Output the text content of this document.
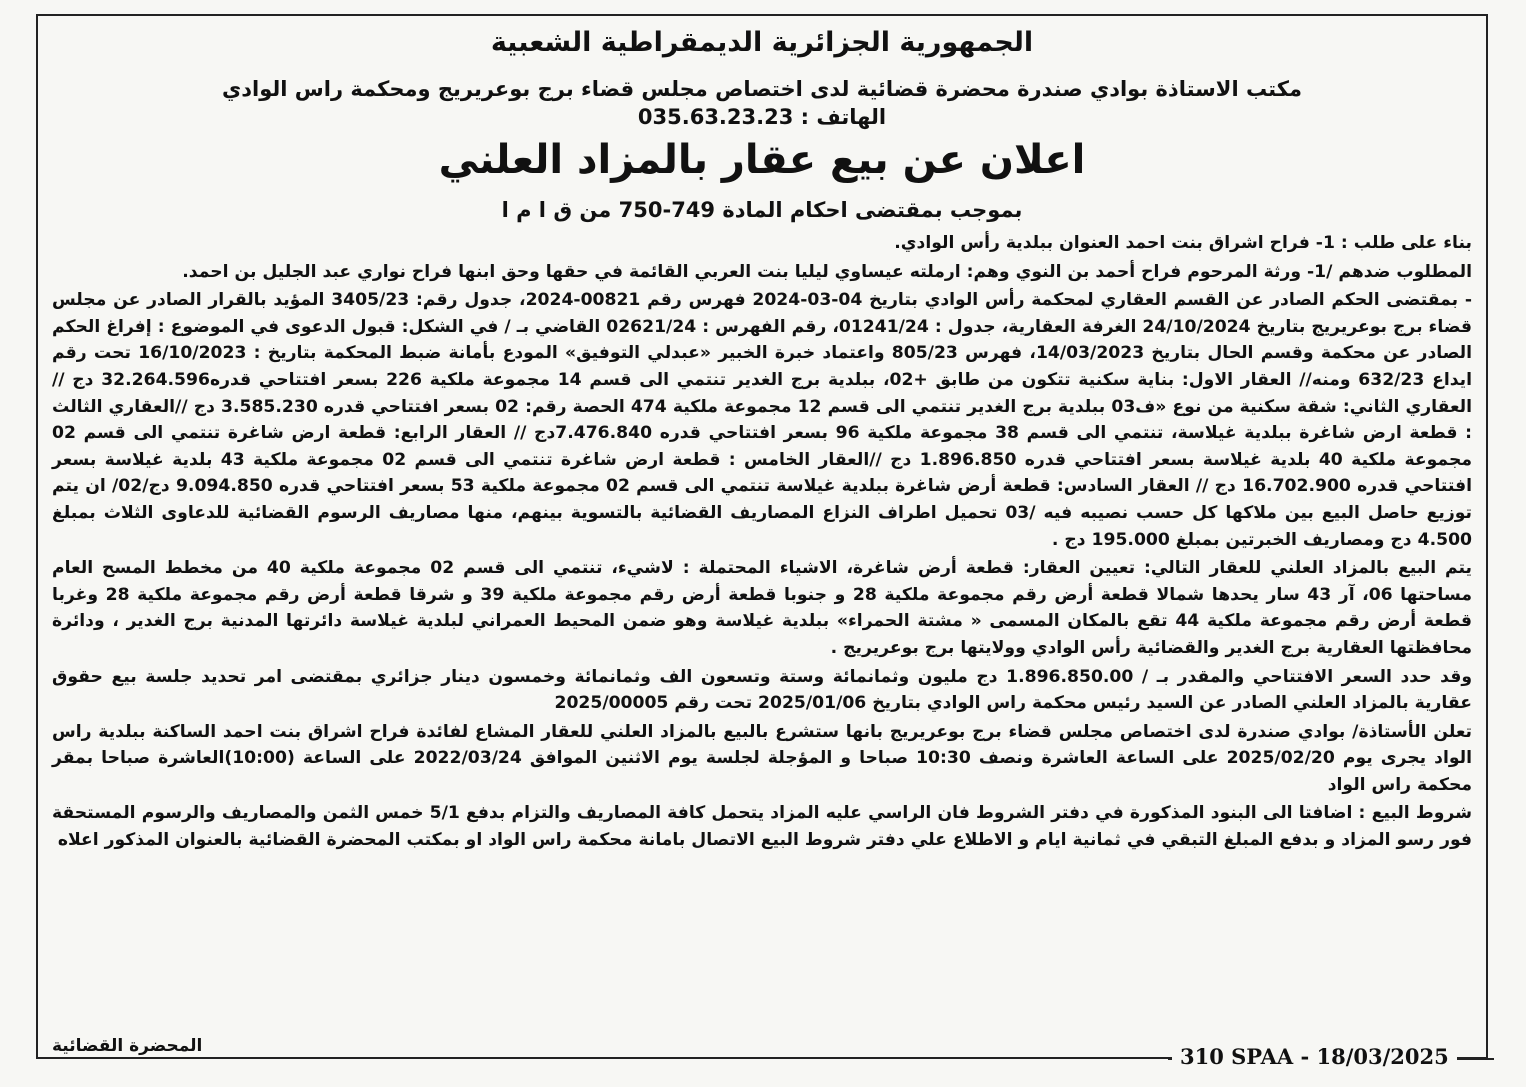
الجمهورية الجزائرية الديمقراطية الشعبية
مكتب الاستاذة بوادي صندرة محضرة قضائية لدى اختصاص مجلس قضاء برج بوعريريج ومحكمة راس الوادي
الهاتف : 035.63.23.23
اعلان عن بيع عقار بالمزاد العلني
بموجب بمقتضى احكام المادة 749-750 من ق ا م ا

بناء على طلب : 1- فراح اشراق بنت احمد العنوان ببلدية رأس الوادي.

المطلوب ضدهم /1- ورثة المرحوم فراح أحمد بن النوي وهم: ارملته عيساوي ليليا بنت العربي القائمة في حقها وحق ابنها فراح نواري عبد الجليل بن احمد.

- بمقتضى الحكم الصادر عن القسم العقاري لمحكمة رأس الوادي بتاريخ 04-03-2024 فهرس رقم 00821-2024، جدول رقم: 3405/23 المؤيد بالقرار الصادر عن مجلس قضاء برج بوعريريج بتاريخ 24/10/2024 الغرفة العقارية، جدول : 01241/24، رقم الفهرس : 02621/24 القاضي بـ / في الشكل: قبول الدعوى في الموضوع : إفراغ الحكم الصادر عن محكمة وقسم الحال بتاريخ 14/03/2023، فهرس 805/23 واعتماد خبرة الخبير «عبدلي التوفيق» المودع بأمانة ضبط المحكمة بتاريخ : 16/10/2023 تحت رقم ايداع 632/23 ومنه// العقار الاول: بناية سكنية تتكون من طابق +02، ببلدية برج الغدير تنتمي الى قسم 14 مجموعة ملكية 226 بسعر افتتاحي قدره32.264.596 دج //العقاري الثاني: شقة سكنية من نوع «ف03 ببلدية برج الغدير تنتمي الى قسم 12 مجموعة ملكية 474 الحصة رقم: 02 بسعر افتتاحي قدره 3.585.230 دج //العقاري الثالث : قطعة ارض شاغرة ببلدية غيلاسة، تنتمي الى قسم 38 مجموعة ملكية 96 بسعر افتتاحي قدره 7.476.840دج // العقار الرابع: قطعة ارض شاغرة تنتمي الى قسم 02 مجموعة ملكية 40 بلدية غيلاسة بسعر افتتاحي قدره 1.896.850 دج //العقار الخامس : قطعة ارض شاغرة تنتمي الى قسم 02 مجموعة ملكية 43 بلدية غيلاسة بسعر افتتاحي قدره 16.702.900 دج // العقار السادس: قطعة أرض شاغرة ببلدية غيلاسة تنتمي الى قسم 02 مجموعة ملكية 53 بسعر افتتاحي قدره 9.094.850 دج/02/ ان يتم توزيع حاصل البيع بين ملاكها كل حسب نصيبه فيه /03 تحميل اطراف النزاع المصاريف القضائية بالتسوية بينهم، منها مصاريف الرسوم القضائية للدعاوى الثلاث بمبلغ 4.500 دج ومصاريف الخبرتين بمبلغ 195.000 دج .

يتم البيع بالمزاد العلني للعقار التالي: تعيين العقار: قطعة أرض شاغرة، الاشياء المحتملة : لاشيء، تنتمي الى قسم 02 مجموعة ملكية 40 من مخطط المسح العام مساحتها 06، آر 43 سار يحدها شمالا قطعة أرض رقم مجموعة ملكية 28 و جنوبا قطعة أرض رقم مجموعة ملكية 39 و شرقا قطعة أرض رقم مجموعة ملكية 28 وغربا قطعة أرض رقم مجموعة ملكية 44 تقع بالمكان المسمى « مشتة الحمراء» ببلدية غيلاسة وهو ضمن المحيط العمراني لبلدية غيلاسة دائرتها المدنية برج الغدير ، ودائرة محافظتها العقارية برج الغدير والقضائية رأس الوادي وولايتها برج بوعريريج .

وقد حدد السعر الافتتاحي والمقدر بـ / 1.896.850.00 دج مليون وثمانمائة وستة وتسعون الف وثمانمائة وخمسون دينار جزائري بمقتضى امر تحديد جلسة بيع حقوق عقارية بالمزاد العلني الصادر عن السيد رئيس محكمة راس الوادي بتاريخ 2025/01/06 تحت رقم 2025/00005

تعلن الأستاذة/ بوادي صندرة لدى اختصاص مجلس قضاء برج بوعريريج بانها ستشرع بالبيع بالمزاد العلني للعقار المشاع لفائدة فراح اشراق بنت احمد الساكنة ببلدية راس الواد يجرى يوم 2025/02/20 على الساعة العاشرة ونصف 10:30 صباحا و المؤجلة لجلسة يوم الاثنين الموافق 2022/03/24 على الساعة (10:00)العاشرة صباحا بمقر محكمة راس الواد

شروط البيع : اضافتا الى البنود المذكورة في دفتر الشروط فان الراسي عليه المزاد يتحمل كافة المصاريف والتزام بدفع 5/1 خمس الثمن والمصاريف والرسوم المستحقة فور رسو المزاد و بدفع المبلغ التبقي في ثمانية ايام و الاطلاع علي دفتر شروط البيع الاتصال بامانة محكمة راس الواد او بمكتب المحضرة القضائية بالعنوان المذكور اعلاه

المحضرة القضائية	310 SPAA - 18/03/2025
